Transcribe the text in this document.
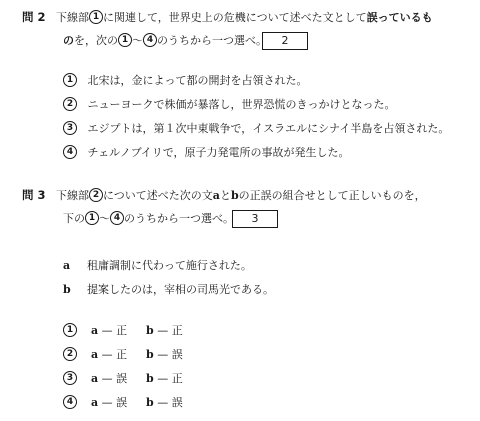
問 2 下線部 1 に関連して，世界史上の危機について述べた文として誤っているも
のを，次の 1 ～ 4 のうちから一つ選べ。	2
1 北宋は，金によって都の開封を占領された。
2 ニューヨークで株価が暴落し，世界恐慌のきっかけとなった。
3 エジプトは，第１次中東戦争で，イスラエルにシナイ半島を占領された。
4 チェルノブイリで，原子力発電所の事故が発生した。
問 3 下線部 2 について述べた次の文aとbの正誤の組合せとして正しいものを，
下の 1 ～ 4 のうちから一つ選べ。	3
a 租庸調制に代わって施行された。
b 提案したのは，宰相の司馬光である。
1 a — 正 b — 正
2 a — 正 b — 誤
3 a — 誤 b — 正
4 a — 誤 b — 誤
